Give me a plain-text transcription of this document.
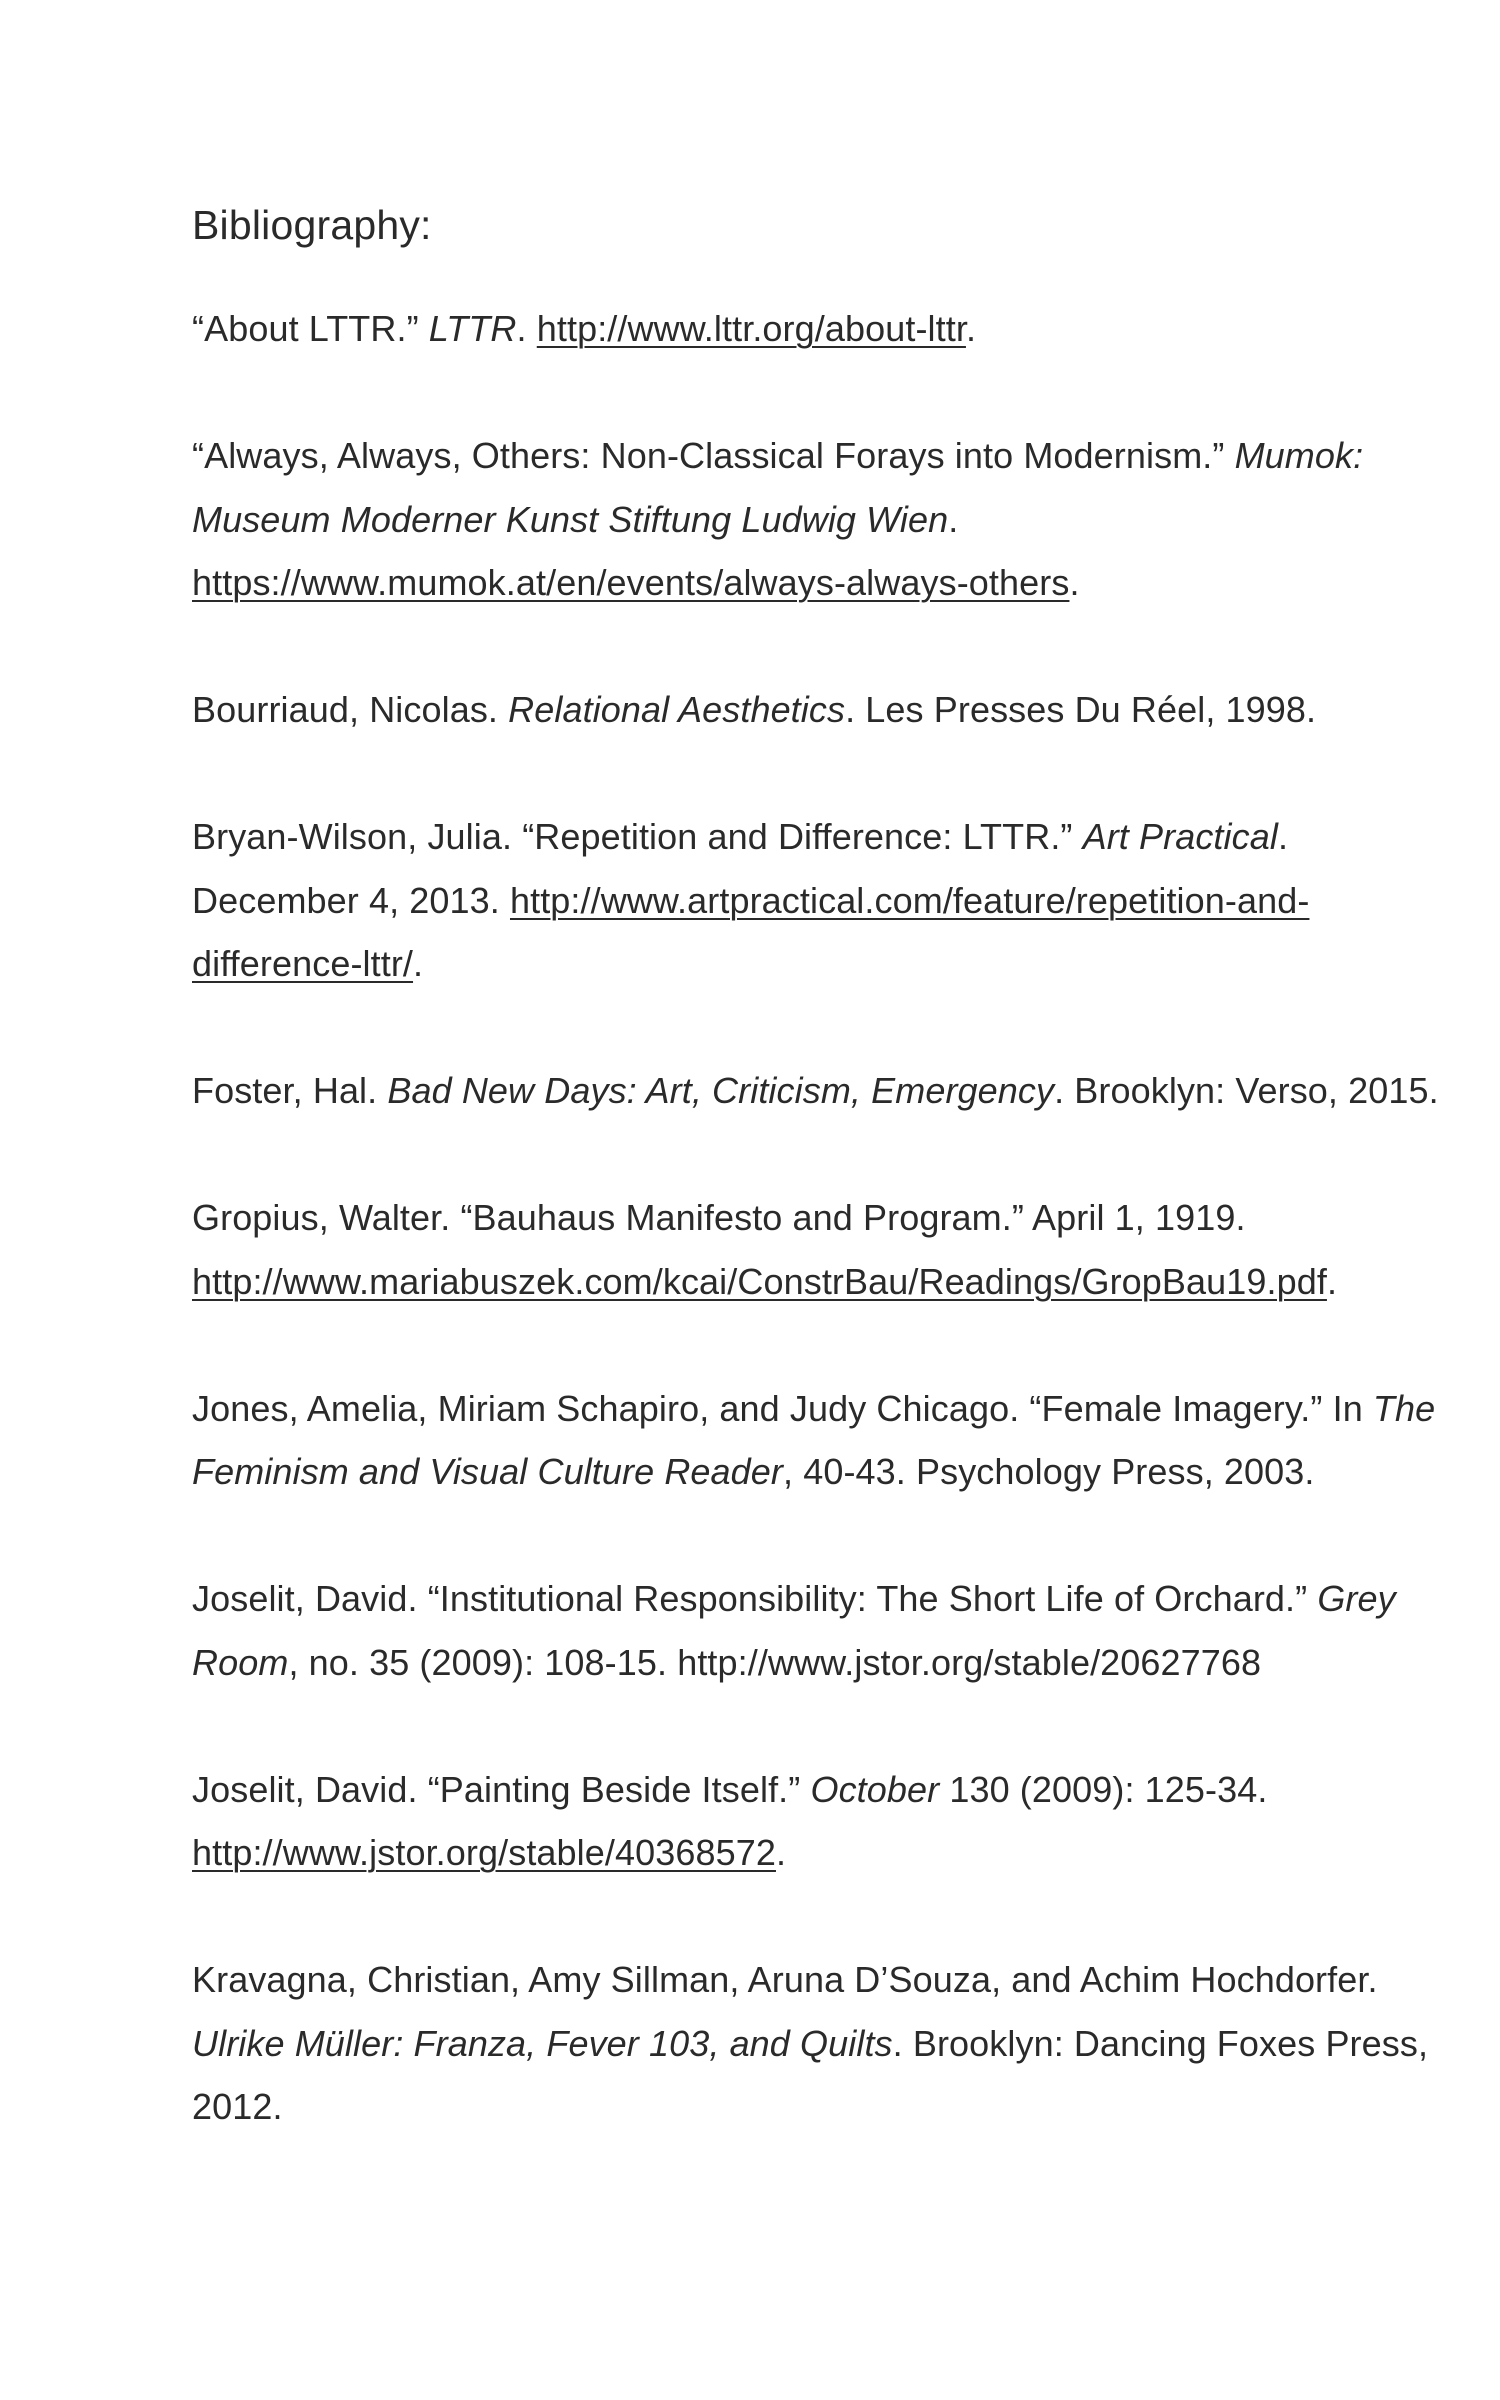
Bibliography:

“About LTTR.” LTTR. http://www.lttr.org/about-lttr.

“Always, Always, Others: Non-Classical Forays into Modernism.” Mumok: Museum Moderner Kunst Stiftung Ludwig Wien. https://www.mumok.at/en/events/always-always-others.

Bourriaud, Nicolas. Relational Aesthetics. Les Presses Du Réel, 1998.

Bryan-Wilson, Julia. “Repetition and Difference: LTTR.” Art Practical. December 4, 2013. http://www.artpractical.com/feature/repetition-and-difference-lttr/.

Foster, Hal. Bad New Days: Art, Criticism, Emergency. Brooklyn: Verso, 2015.

Gropius, Walter. “Bauhaus Manifesto and Program.” April 1, 1919. http://www.mariabuszek.com/kcai/ConstrBau/Readings/GropBau19.pdf.

Jones, Amelia, Miriam Schapiro, and Judy Chicago. “Female Imagery.” In The Feminism and Visual Culture Reader, 40-43. Psychology Press, 2003.

Joselit, David. “Institutional Responsibility: The Short Life of Orchard.” Grey Room, no. 35 (2009): 108-15. http://www.jstor.org/stable/20627768

Joselit, David. “Painting Beside Itself.” October 130 (2009): 125-34. http://www.jstor.org/stable/40368572.

Kravagna, Christian, Amy Sillman, Aruna D’Souza, and Achim Hochdorfer. Ulrike Müller: Franza, Fever 103, and Quilts. Brooklyn: Dancing Foxes Press, 2012.
